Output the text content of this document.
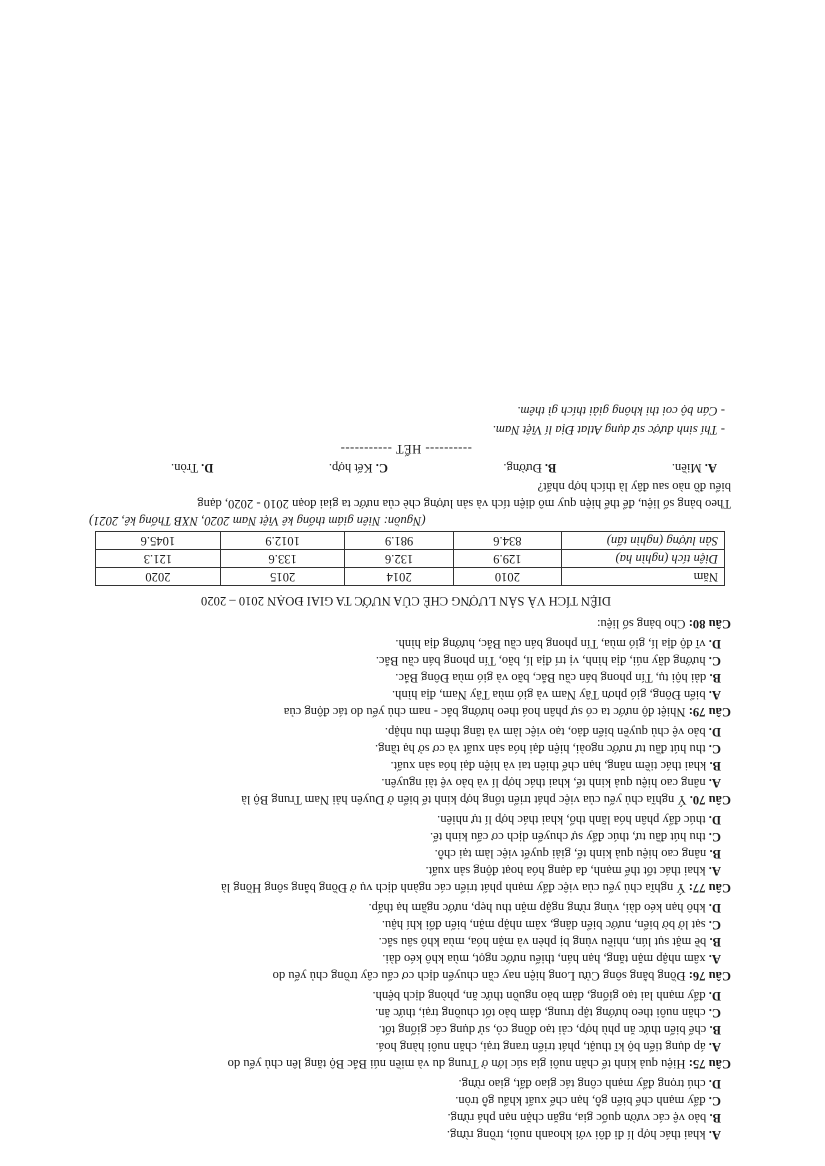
A. khai thác hợp lí đi đôi với khoanh nuôi, trồng rừng.
B. bảo vệ các vườn quốc gia, ngăn chặn nạn phá rừng.
C. đẩy mạnh chế biến gỗ, hạn chế xuất khẩu gỗ tròn.
D. chú trọng đẩy mạnh công tác giao đất, giao rừng.
Câu 75: Hiệu quả kinh tế chăn nuôi gia súc lớn ở Trung du và miền núi Bắc Bộ tăng lên chủ yếu do
A. áp dụng tiến bộ kĩ thuật, phát triển trang trại, chăn nuôi hàng hoá.
B. chế biến thức ăn phù hợp, cải tạo đồng cỏ, sử dụng các giống tốt.
C. chăn nuôi theo hướng tập trung, đảm bảo tốt chuồng trại, thức ăn.
D. đẩy mạnh lai tạo giống, đảm bảo nguồn thức ăn, phòng dịch bệnh.
Câu 76: Đồng bằng sông Cửu Long hiện nay cần chuyển dịch cơ cấu cây trồng chủ yếu do
A. xâm nhập mặn tăng, hạn hán, thiếu nước ngọt, mùa khô kéo dài.
B. bề mặt sụt lún, nhiều vùng bị phèn và mặn hóa, mùa khô sâu sắc.
C. sạt lở bờ biển, nước biển dâng, xâm nhập mặn, biến đổi khí hậu.
D. khô hạn kéo dài, vùng rừng ngập mặn thu hẹp, nước ngầm hạ thấp.
Câu 77: Ý nghĩa chủ yếu của việc đẩy mạnh phát triển các ngành dịch vụ ở Đồng bằng sông Hồng là
A. khai thác tốt thế mạnh, đa dạng hóa hoạt động sản xuất.
B. nâng cao hiệu quả kinh tế, giải quyết việc làm tại chỗ.
C. thu hút đầu tư, thúc đẩy sự chuyển dịch cơ cấu kinh tế.
D. thúc đẩy phân hóa lãnh thổ, khai thác hợp lí tự nhiên.
Câu 70. Ý nghĩa chủ yếu của việc phát triển tổng hợp kinh tế biển ở Duyên hải Nam Trung Bộ là
A. nâng cao hiệu quả kinh tế, khai thác hợp lí và bảo vệ tài nguyên.
B. khai thác tiềm năng, hạn chế thiên tai và hiện đại hóa sản xuất.
C. thu hút đầu tư nước ngoài, hiện đại hóa sản xuất và cơ sở hạ tầng.
D. bảo vệ chủ quyền biển đảo, tạo việc làm và tăng thêm thu nhập.
Câu 79: Nhiệt độ nước ta có sự phân hoá theo hướng bắc - nam chủ yếu do tác động của
A. biển Đông, gió phơn Tây Nam và gió mùa Tây Nam, địa hình.
B. dải hội tụ, Tín phong bán cầu Bắc, bão và gió mùa Đông Bắc.
C. hướng dãy núi, địa hình, vị trí địa lí, bão, Tín phong bán cầu Bắc.
D. vĩ độ địa lí, gió mùa, Tín phong bán cầu Bắc, hướng địa hình.
Câu 80: Cho bảng số liệu:
DIỆN TÍCH VÀ SẢN LƯỢNG CHÈ CỦA NƯỚC TA GIAI ĐOẠN 2010 – 2020
Năm	2010	2014	2015	2020
Diện tích (nghìn ha)	129.9	132.6	133.6	121.3
Sản lượng (nghìn tấn)	834.6	981.9	1012.9	1045.6
(Nguồn: Niên giám thống kê Việt Nam 2020, NXB Thống kê, 2021)
Theo bảng số liệu, để thể hiện quy mô diện tích và sản lượng chè của nước ta giai đoạn 2010 - 2020, dạng
biểu đồ nào sau đây là thích hợp nhất?
A. Miền.
B. Đường.
C. Kết hợp.
D. Tròn.
---------- HẾT -----------
- Thí sinh được sử dụng Atlat Địa lí Việt Nam.
- Cán bộ coi thi không giải thích gì thêm.
